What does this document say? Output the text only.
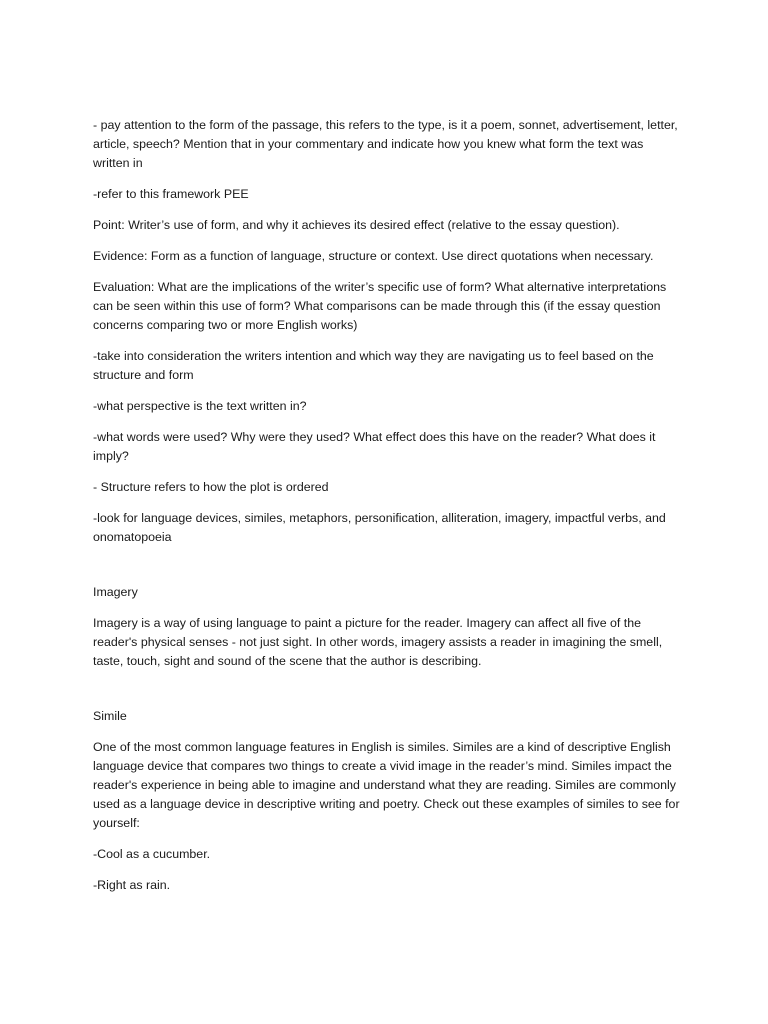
- pay attention to the form of the passage, this refers to the type, is it a poem, sonnet, advertisement, letter, article, speech? Mention that in your commentary and indicate how you knew what form the text was written in

-refer to this framework PEE

Point: Writer’s use of form, and why it achieves its desired effect (relative to the essay question).

Evidence: Form as a function of language, structure or context. Use direct quotations when necessary.

Evaluation: What are the implications of the writer’s specific use of form? What alternative interpretations can be seen within this use of form? What comparisons can be made through this (if the essay question concerns comparing two or more English works)

-take into consideration the writers intention and which way they are navigating us to feel based on the structure and form

-what perspective is the text written in?

-what words were used? Why were they used? What effect does this have on the reader? What does it imply?

- Structure refers to how the plot is ordered

-look for language devices, similes, metaphors, personification, alliteration, imagery, impactful verbs, and onomatopoeia

Imagery

Imagery is a way of using language to paint a picture for the reader. Imagery can affect all five of the reader's physical senses - not just sight. In other words, imagery assists a reader in imagining the smell, taste, touch, sight and sound of the scene that the author is describing.

Simile

One of the most common language features in English is similes. Similes are a kind of descriptive English language device that compares two things to create a vivid image in the reader’s mind. Similes impact the reader's experience in being able to imagine and understand what they are reading. Similes are commonly used as a language device in descriptive writing and poetry. Check out these examples of similes to see for yourself:

-Cool as a cucumber.

-Right as rain.
